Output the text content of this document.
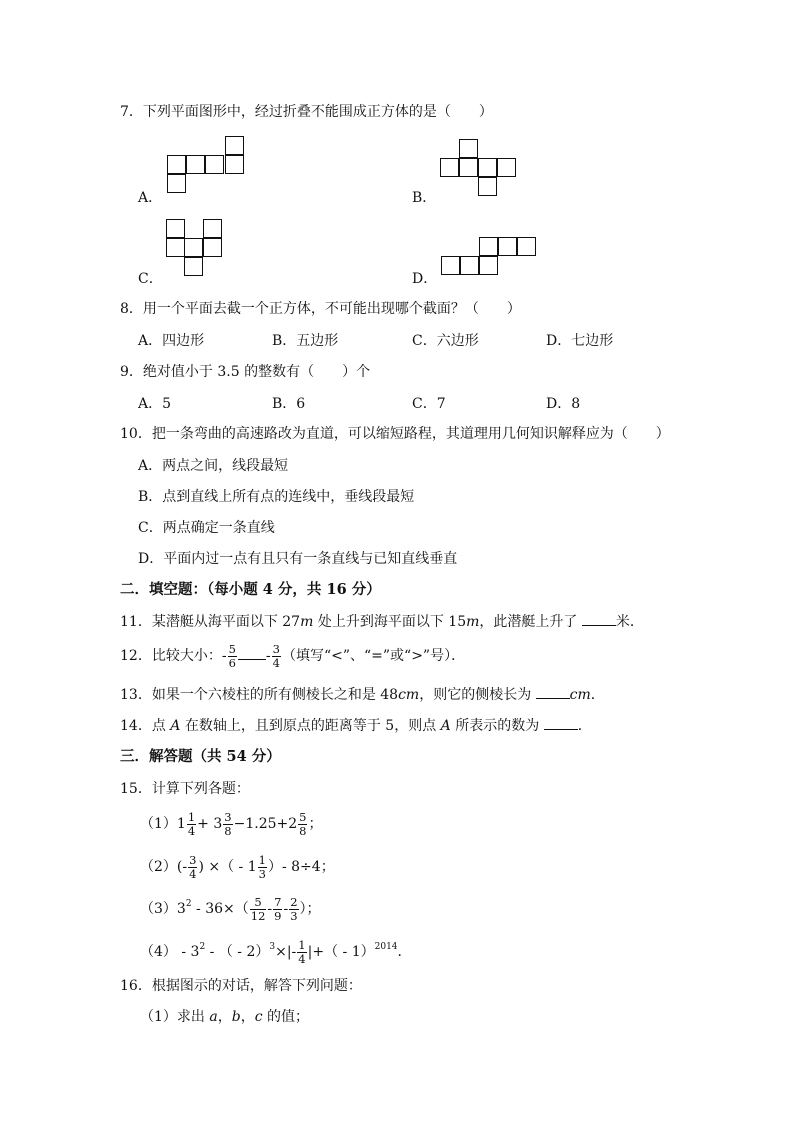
7．下列平面图形中，经过折叠不能围成正方体的是（　　）
A．	B．
C．	D．
8．用一个平面去截一个正方体，不可能出现哪个截面？（　　）
A．四边形	B．五边形	C．六边形	D．七边形
9．绝对值小于 3.5 的整数有（　　）个
A．5	B．6	C．7	D．8
10．把一条弯曲的高速路改为直道，可以缩短路程，其道理用几何知识解释应为（　　）
A．两点之间，线段最短
B．点到直线上所有点的连线中，垂线段最短
C．两点确定一条直线
D．平面内过一点有且只有一条直线与已知直线垂直
二．填空题：（每小题 4 分，共 16 分）
11．某潜艇从海平面以下 27m 处上升到海平面以下 15m，此潜艇上升了 米．
12．比较大小：- $\frac{5}{6} - \frac{3}{4}$ （填写“<”、“=”或“>”号）．
13．如果一个六棱柱的所有侧棱长之和是 48cm，则它的侧棱长为 cm．
14．点 A 在数轴上，且到原点的距离等于 5，则点 A 所表示的数为 ．
三．解答题（共 54 分）
15．计算下列各题：
$(1)1 \frac{1}{4} + 3 \frac{3}{8} -1.25+2 \frac{5}{8}$ ；
$(2)(- \frac{3}{4}$ ) ×（ - $1 \frac{1}{3}$ ）- 8÷4；
$(3)3^2 - 36\times( \frac{5}{12} - \frac{7}{9} - \frac{2}{3}$ ）；
$(4) - 3^2$ - （ - $2)^3\times|- \frac{1}{4}$ |+（ - 1）$^{2014}$．
16．根据图示的对话，解答下列问题：
（1）求出 a，b，c 的值；
